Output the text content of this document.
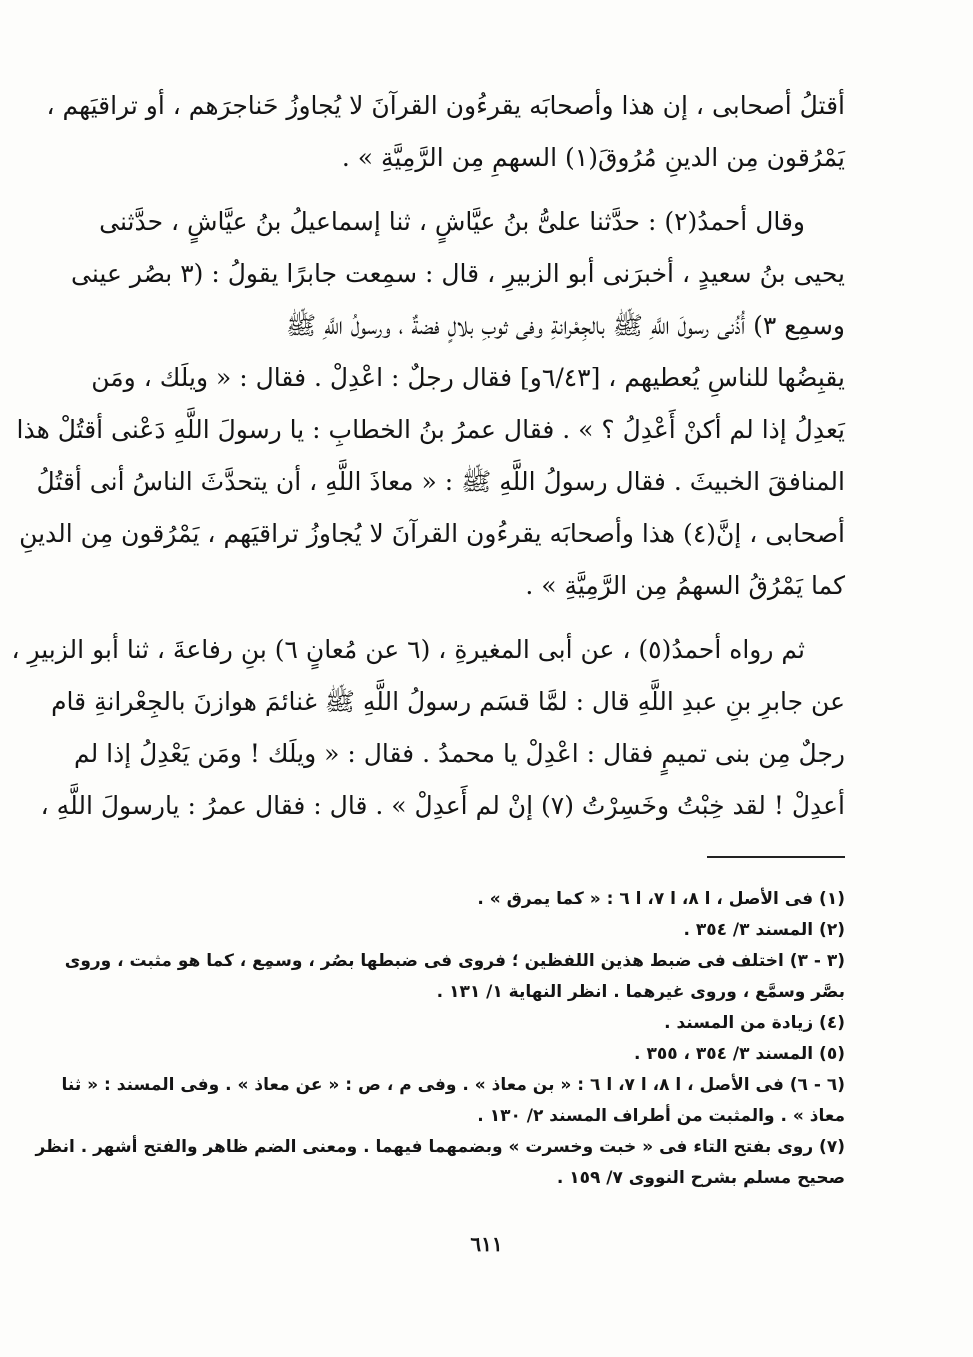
أقتلُ أصحابى ، إن هذا وأصحابَه يقرءُون القرآنَ لا يُجاوزُ حَناجرَهم ، أو تراقيَهم ،
يَمْرُقون مِن الدينِ مُرُوقَ(١) السهمِ مِن الرَّمِيَّةِ » .
وقال أحمدُ(٢) : حدَّثنا علىُّ بنُ عيَّاشٍ ، ثنا إسماعيلُ بنُ عيَّاشٍ ، حدَّثنى
يحيى بنُ سعيدٍ ، أخبرَنى أبو الزبيرِ ، قال : سمِعت جابرًا يقولُ : (٣ بصُر عينى
وسمِع ٣) أُذُنى رسولَ اللَّهِ ﷺ بالجِعْرانةِ وفى ثوبِ بلالٍ فضةٌ ، ورسولُ اللَّهِ ﷺ
يقبِضُها للناسِ يُعطيهم ، [٦/٤٣و] فقال رجلٌ : اعْدِلْ . فقال : « ويلَك ، ومَن
يَعدِلُ إذا لم أكنْ أَعْدِلُ ؟ » . فقال عمرُ بنُ الخطابِ : يا رسولَ اللَّهِ دَعْنى أقتُلْ هذا
المنافقَ الخبيثَ . فقال رسولُ اللَّهِ ﷺ : « معاذَ اللَّهِ ، أن يتحدَّثَ الناسُ أنى أقتُلُ
أصحابى ، إنَّ(٤) هذا وأصحابَه يقرءُون القرآنَ لا يُجاوزُ تراقيَهم ، يَمْرُقون مِن الدينِ
كما يَمْرُقُ السهمُ مِن الرَّمِيَّةِ » .
ثم رواه أحمدُ(٥) ، عن أبى المغيرةِ ، (٦ عن مُعانٍ ٦) بنِ رفاعةَ ، ثنا أبو الزبيرِ ،
عن جابرِ بنِ عبدِ اللَّهِ قال : لمَّا قسَم رسولُ اللَّهِ ﷺ غنائمَ هوازنَ بالجِعْرانةِ قام
رجلٌ مِن بنى تميمٍ فقال : اعْدِلْ يا محمدُ . فقال : « ويلَك ! ومَن يَعْدِلُ إذا لم
أعدِلْ ! لقد خِبْتُ وخَسِرْتُ (٧) إنْ لم أَعدِلْ » . قال : فقال عمرُ : يارسولَ اللَّهِ ،
(١) فى الأصل ، ا ٨، ا ٧، ا ٦ : « كما يمرق » .
(٢) المسند ٣/ ٣٥٤ .
(٣ - ٣) اختلف فى ضبط هذين اللفظين ؛ فروى فى ضبطها بصُر ، وسمِع ، كما هو مثبت ، وروى
بصَّر وسمَّع ، وروى غيرهما . انظر النهاية ١/ ١٣١ .
(٤) زيادة من المسند .
(٥) المسند ٣/ ٣٥٤ ، ٣٥٥ .
(٦ - ٦) فى الأصل ، ا ٨، ا ٧، ا ٦ : « بن معاذ » . وفى م ، ص : « عن معاذ » . وفى المسند : « ثنا
معاذ » . والمثبت من أطراف المسند ٢/ ١٣٠ .
(٧) روى بفتح التاء فى « خبت وخسرت » وبضمهما فيهما . ومعنى الضم ظاهر والفتح أشهر . انظر
صحيح مسلم بشرح النووى ٧/ ١٥٩ .
٦١١
